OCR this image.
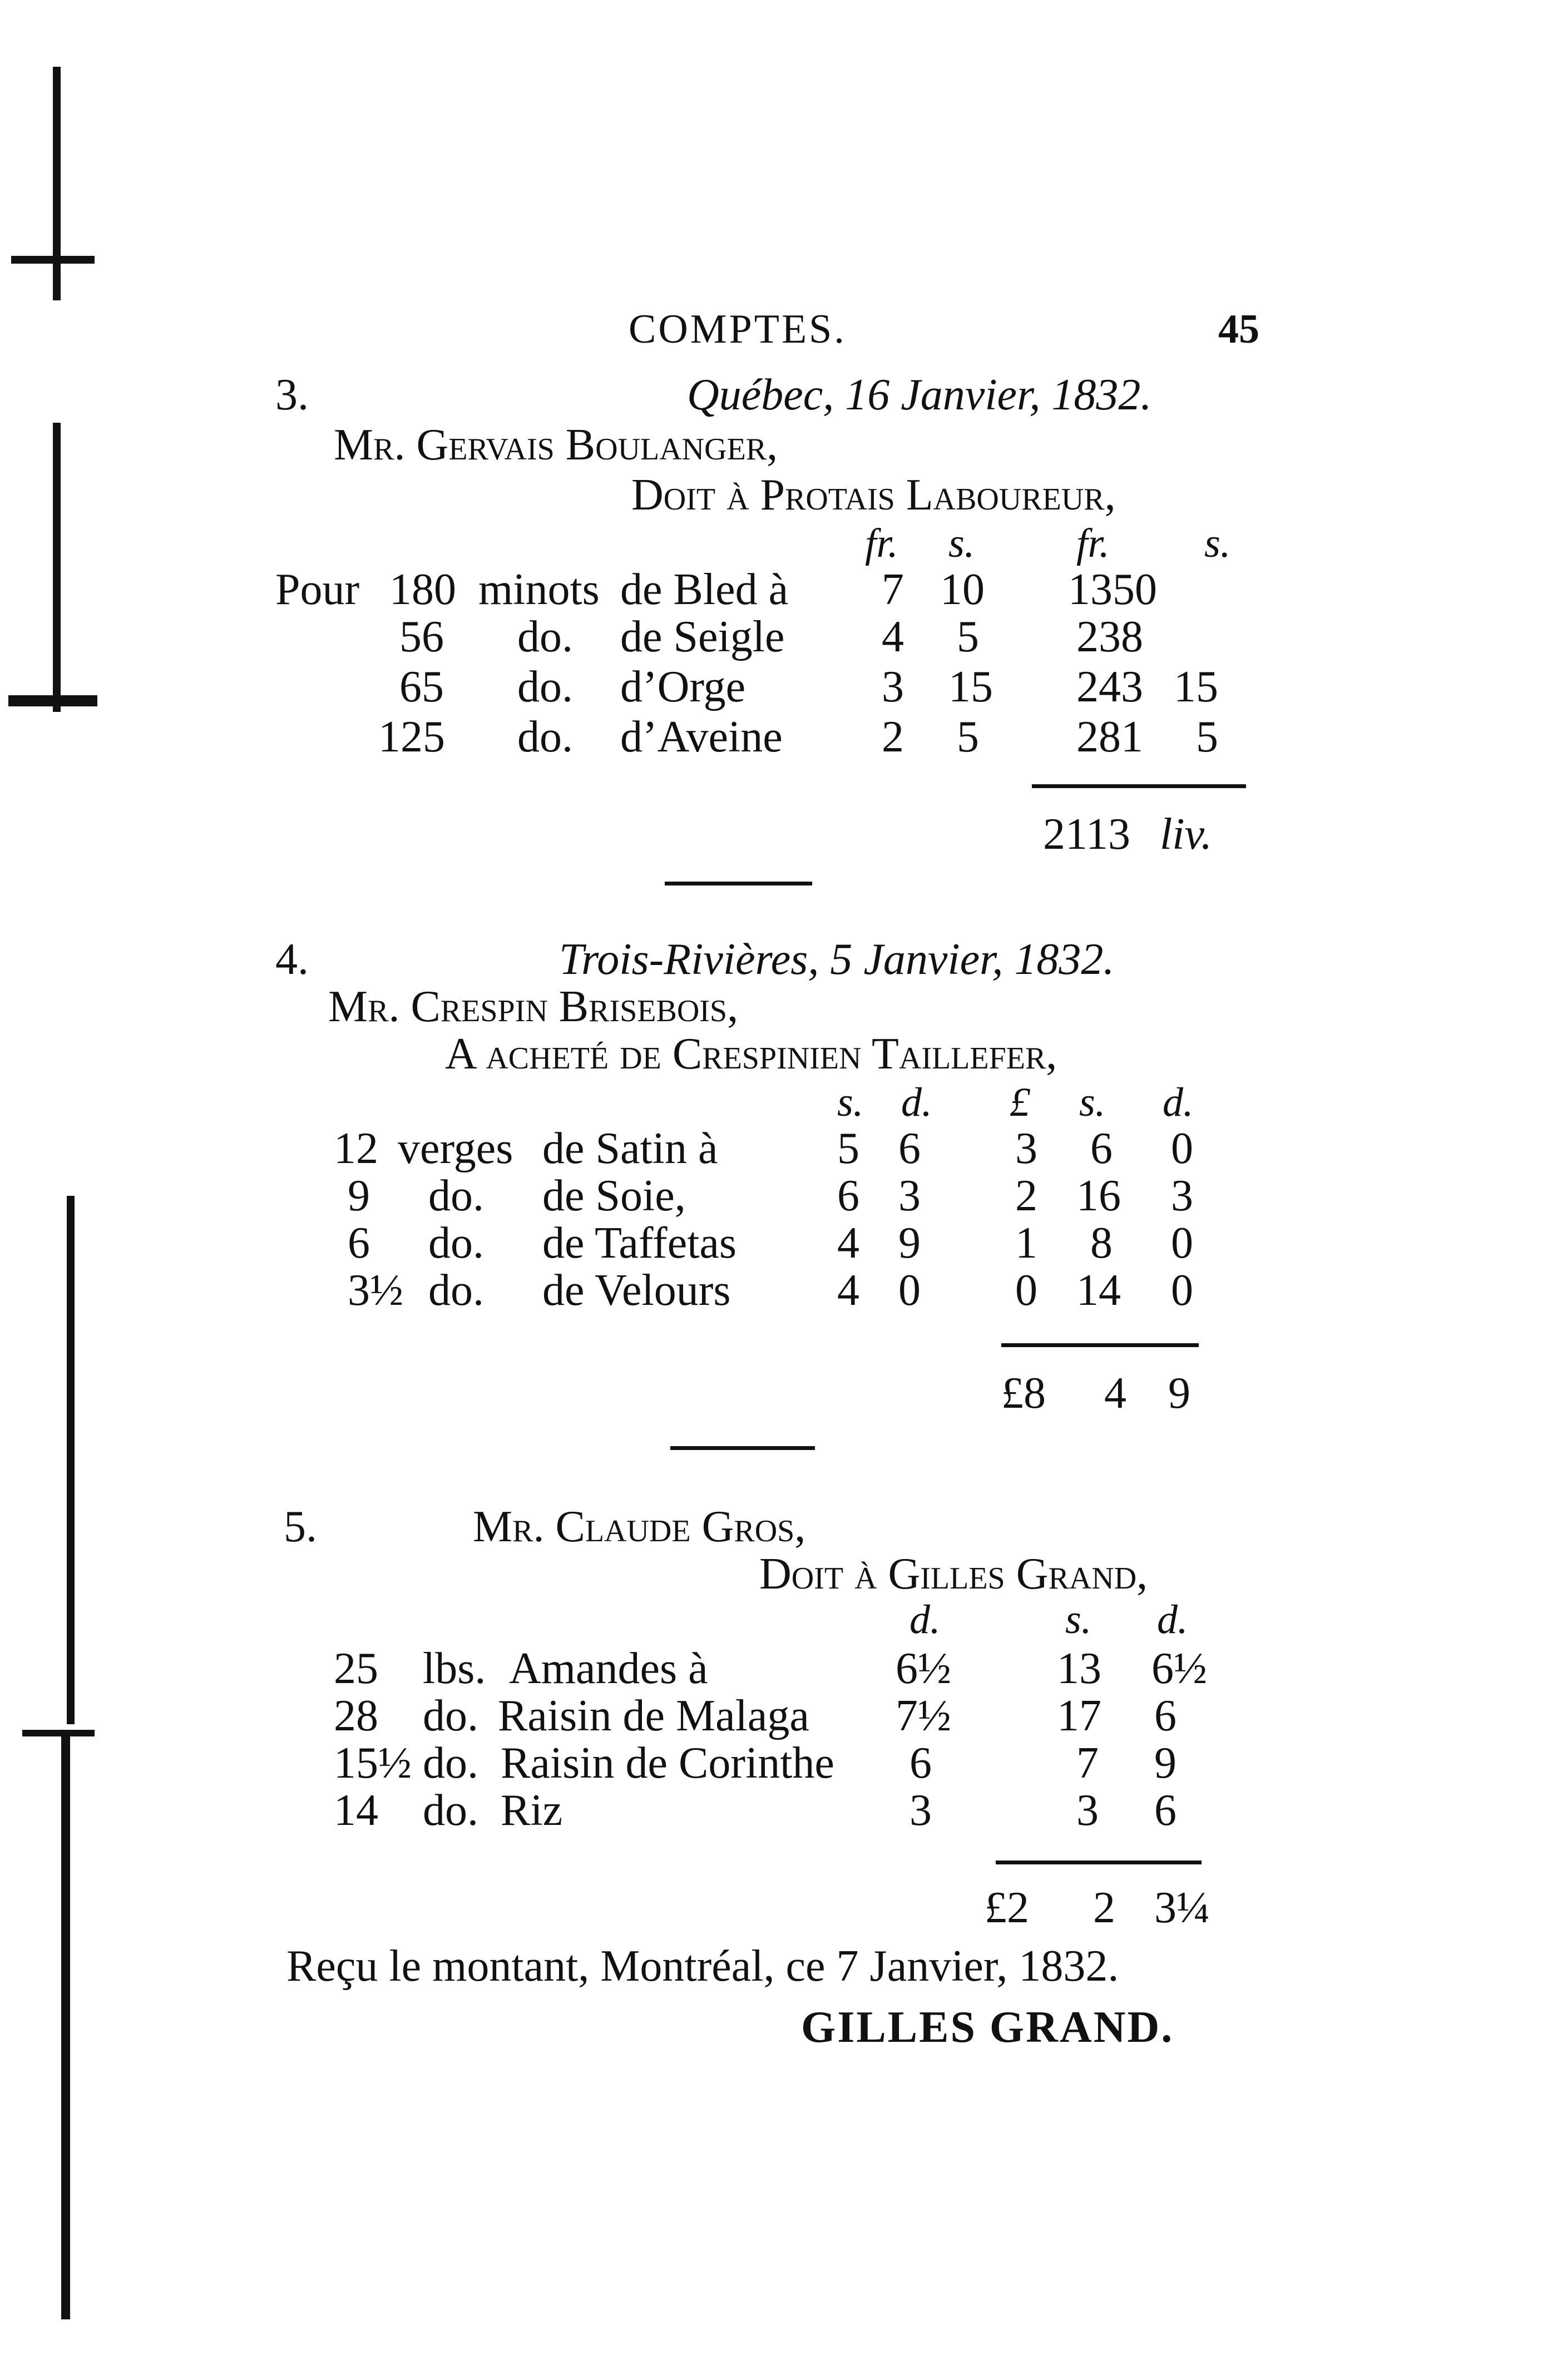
COMPTES.	45
3.	Québec, 16 Janvier, 1832.
Mr. Gervais Boulanger,
Doit à Protais Laboureur,
fr. s. fr. s.
Pour 180 minots de Bled à 7 10 1350
56 do. de Seigle 4 5 238
65 do. d’Orge	3 15 243 15
125 do. d’Aveine 2 5 281 5
2113 liv.
4.	Trois-Rivières, 5 Janvier, 1832.
Mr. Crespin Brisebois,
A acheté de Crespinien Taillefer,
s. d. £ s. d.
12 verges de Satin à	5 6 3 6 0
9 do. de Soie,	6 3 2 16 3
6 do. de Taffetas 4 9 1 8 0
3½ do. de Velours 4 0 0 14 0
£8 4 9
5.	Mr. Claude Gros,
Doit à Gilles Grand,
d.	s. d.
25 lbs. Amandes à	6½ 13 6½
28 do. Raisin de Malaga 7½ 17 6
15½ do. Raisin de Corinthe 6	7 9
14 do. Riz	3	3 6
£2 2 3¼
Reçu le montant, Montréal, ce 7 Janvier, 1832.
GILLES GRAND.
